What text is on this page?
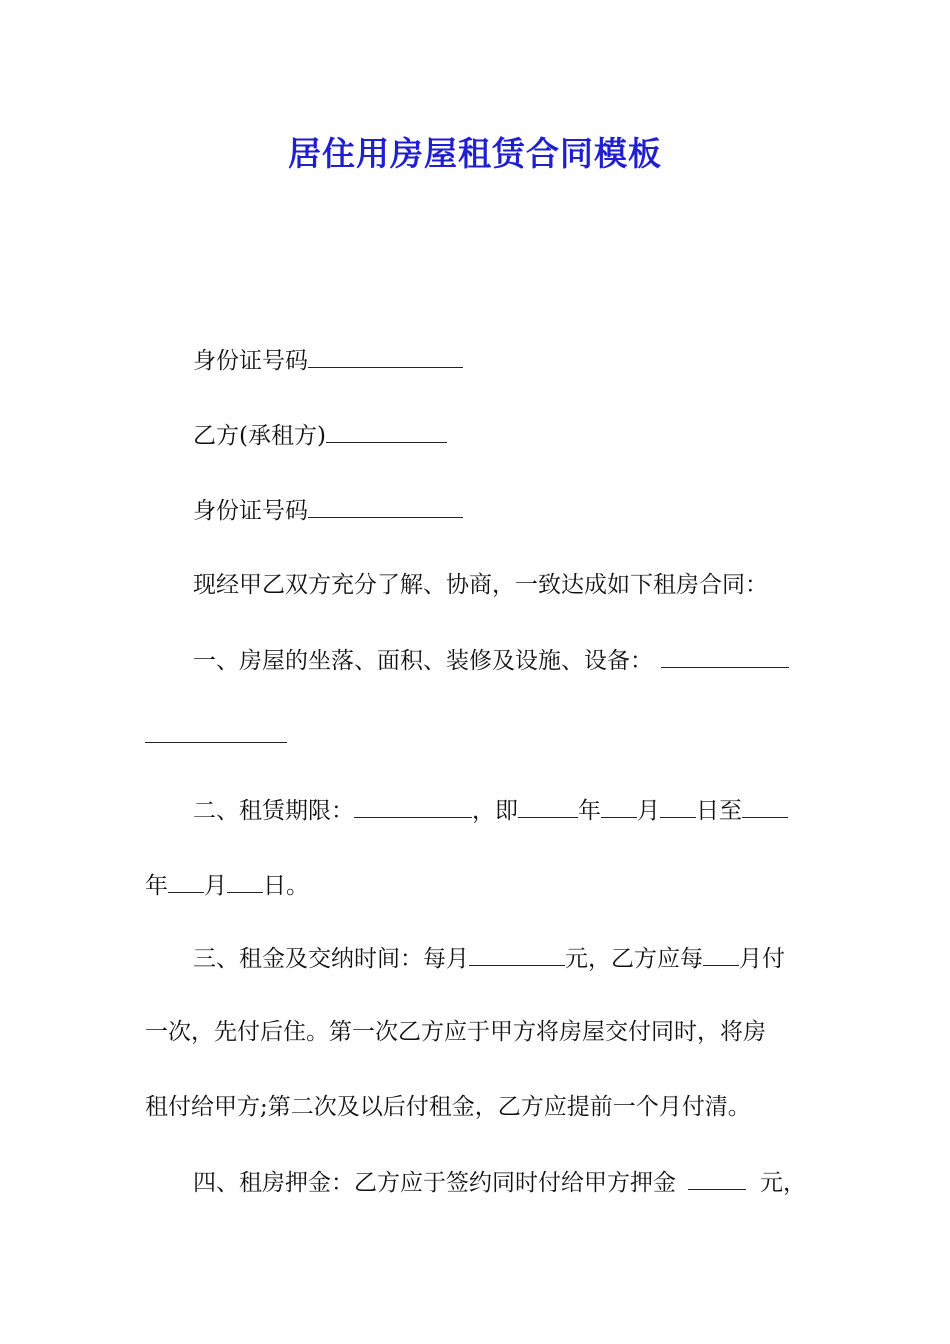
居住用房屋租赁合同模板
身份证号码
乙方(承租方)
身份证号码
现经甲乙双方充分了解、协商，一致达成如下租房合同：
一、房屋的坐落、面积、装修及设施、设备：
二、租赁期限：	，即	年 月 日至
年 月 日。
三、租金及交纳时间：每月	元，乙方应每 月付
一次，先付后住。第一次乙方应于甲方将房屋交付同时，将房
租付给甲方;第二次及以后付租金，乙方应提前一个月付清。
四、租房押金：乙方应于签约同时付给甲方押金	元，
